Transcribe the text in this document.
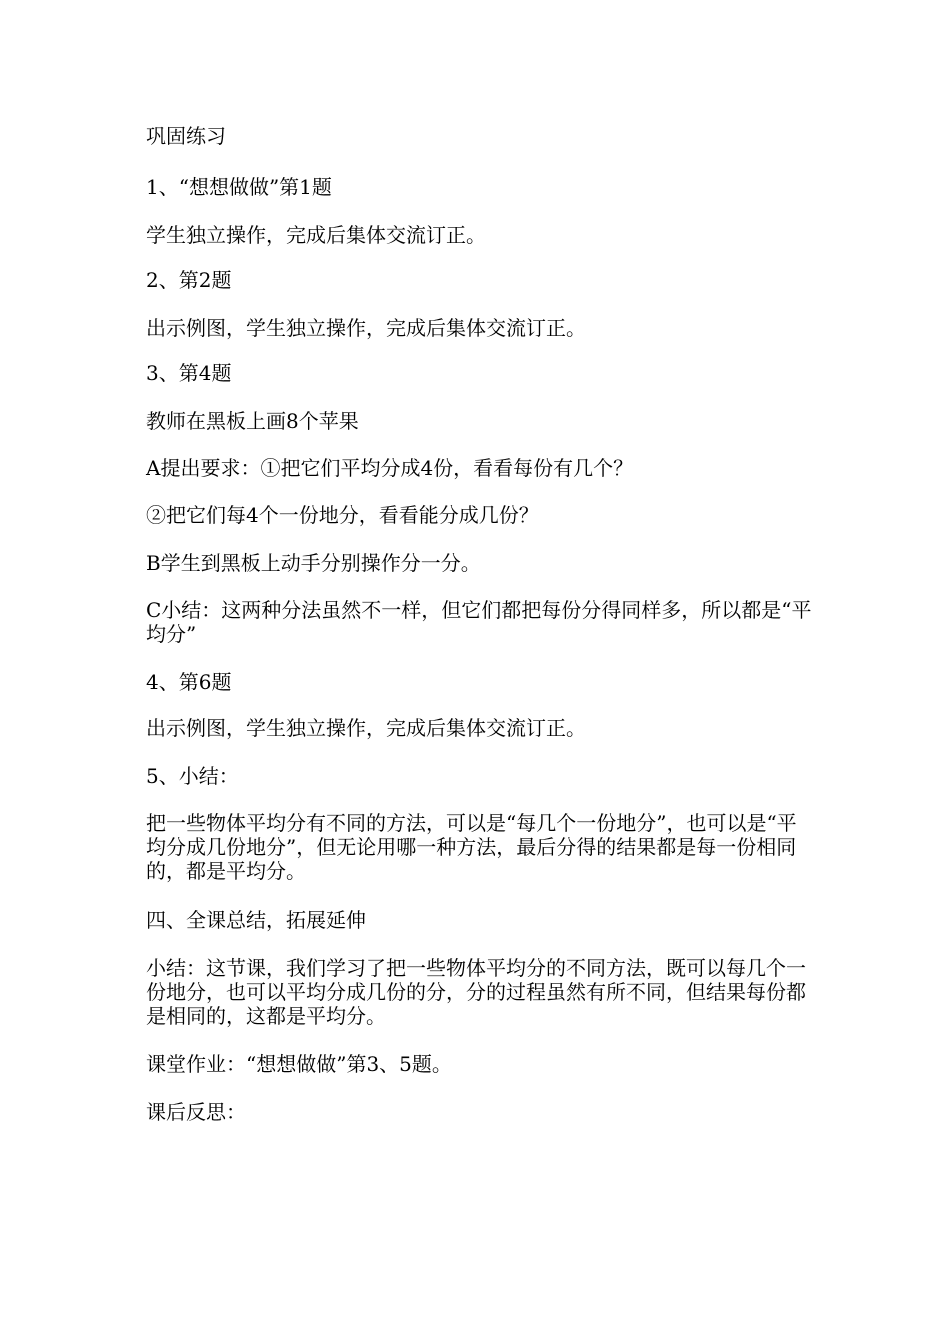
巩固练习

1、“想想做做”第1题

学生独立操作，完成后集体交流订正。

2、第2题

出示例图，学生独立操作，完成后集体交流订正。

3、第4题

教师在黑板上画8个苹果

A提出要求：①把它们平均分成4份，看看每份有几个？

②把它们每4个一份地分，看看能分成几份？

B学生到黑板上动手分别操作分一分。

C小结：这两种分法虽然不一样，但它们都把每份分得同样多，所以都是“平均分”

4、第6题

出示例图，学生独立操作，完成后集体交流订正。

5、小结：

把一些物体平均分有不同的方法，可以是“每几个一份地分”，也可以是“平均分成几份地分”，但无论用哪一种方法，最后分得的结果都是每一份相同的，都是平均分。

四、全课总结，拓展延伸

小结：这节课，我们学习了把一些物体平均分的不同方法，既可以每几个一份地分，也可以平均分成几份的分，分的过程虽然有所不同，但结果每份都是相同的，这都是平均分。

课堂作业：“想想做做”第3、5题。

课后反思：
